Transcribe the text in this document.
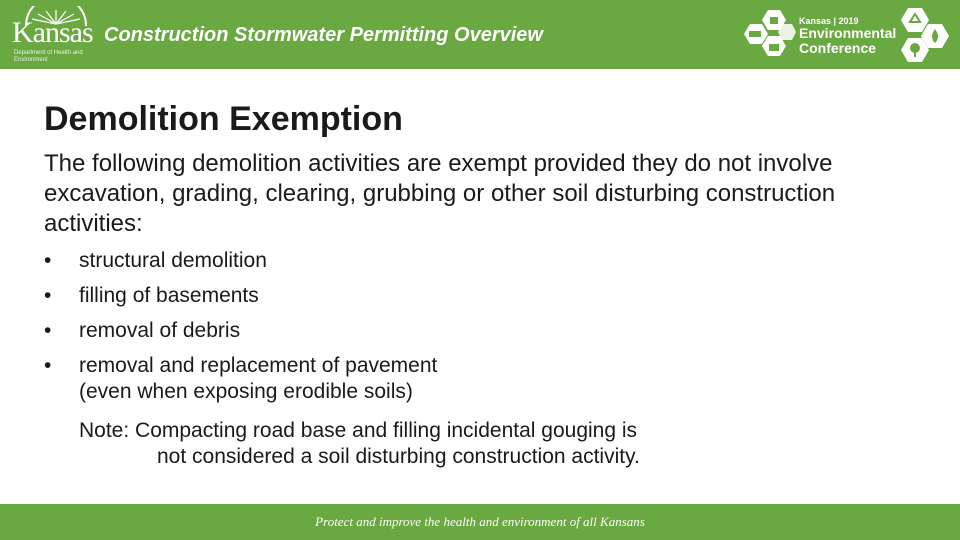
Kansas
Department of Health and Environment
Construction Stormwater Permitting Overview
Kansas | 2019
Environmental
Conference
Demolition Exemption
The following demolition activities are exempt provided they do not involve excavation, grading, clearing, grubbing or other soil disturbing construction activities:
•	structural demolition
•	filling of basements
•	removal of debris
•	removal and replacement of pavement
(even when exposing erodible soils)
Note: Compacting road base and filling incidental gouging is
not considered a soil disturbing construction activity.
Protect and improve the health and environment of all Kansans
